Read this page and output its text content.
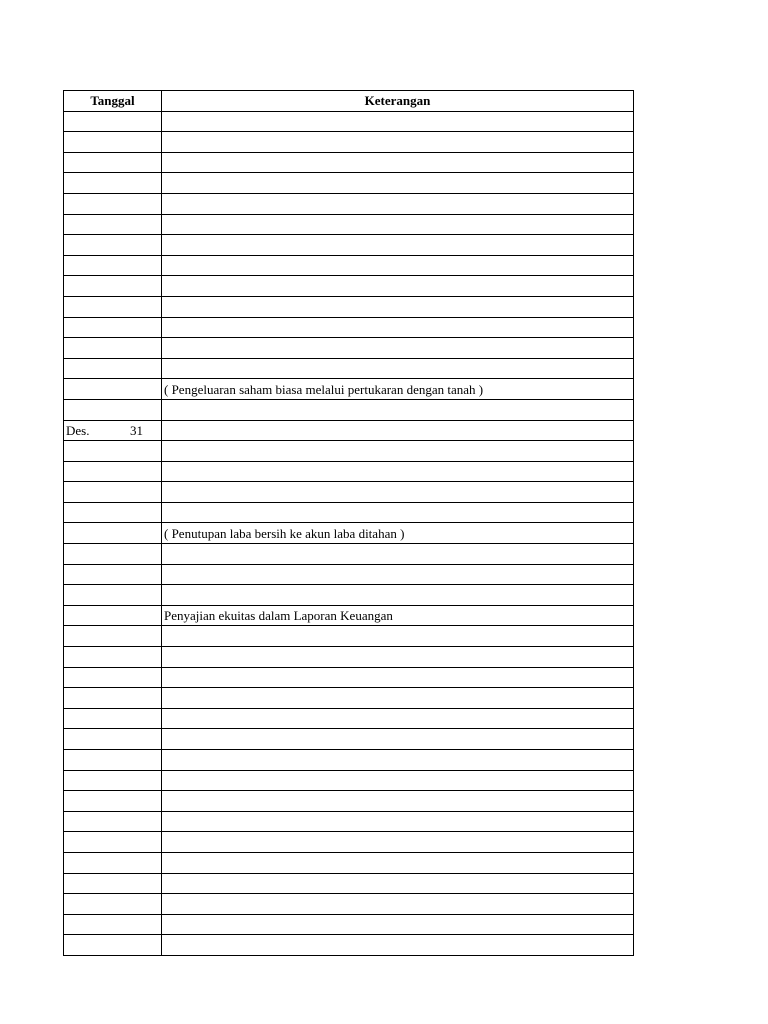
Tanggal	Keterangan

	( Pengeluaran saham biasa melalui pertukaran dengan tanah )

Des. 31	

	( Penutupan laba bersih ke akun laba ditahan )

	Penyajian ekuitas dalam Laporan Keuangan
